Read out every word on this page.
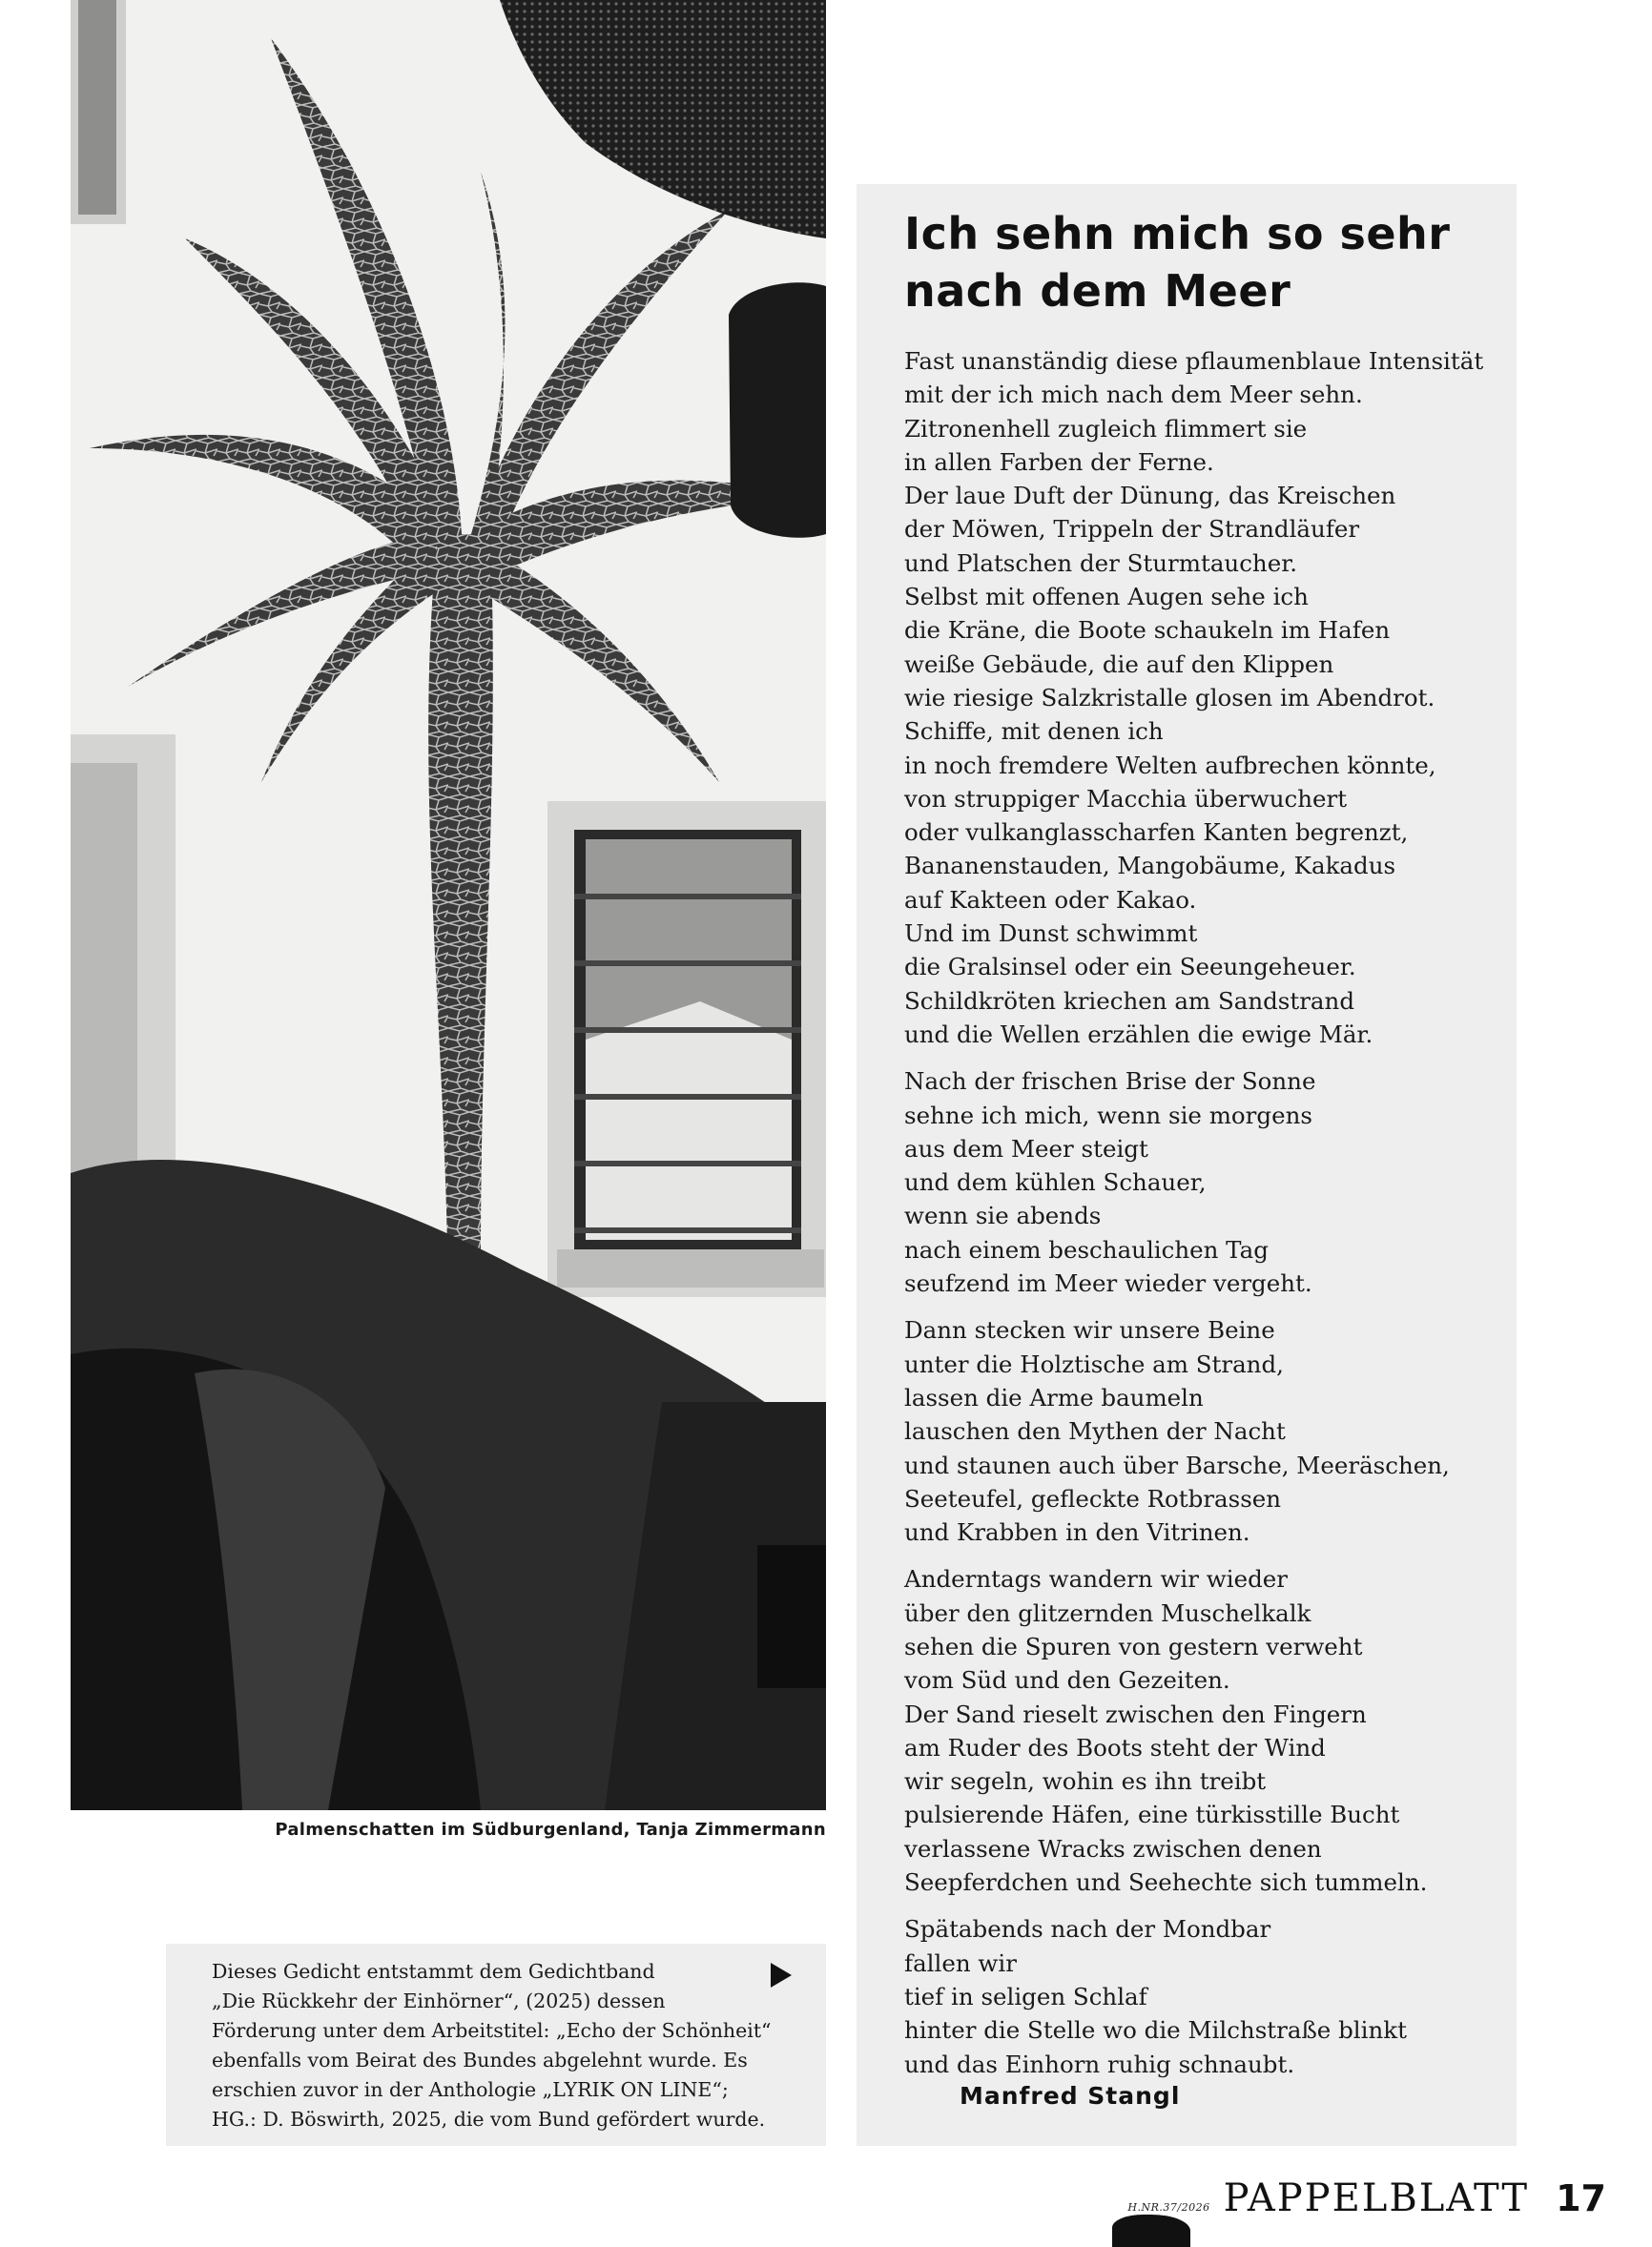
Palmenschatten im Südburgenland, Tanja Zimmermann
Dieses Gedicht entstammt dem Gedichtband
„Die Rückkehr der Einhörner“, (2025) dessen
Förderung unter dem Arbeitstitel: „Echo der Schönheit“
ebenfalls vom Beirat des Bundes abgelehnt wurde. Es
erschien zuvor in der Anthologie „LYRIK ON LINE“;
HG.: D. Böswirth, 2025, die vom Bund gefördert wurde.
Ich sehn mich so sehr
nach dem Meer
Fast unanständig diese pflaumenblaue Intensität
mit der ich mich nach dem Meer sehn.
Zitronenhell zugleich flimmert sie
in allen Farben der Ferne.
Der laue Duft der Dünung, das Kreischen
der Möwen, Trippeln der Strandläufer
und Platschen der Sturmtaucher.
Selbst mit offenen Augen sehe ich
die Kräne, die Boote schaukeln im Hafen
weiße Gebäude, die auf den Klippen
wie riesige Salzkristalle glosen im Abendrot.
Schiffe, mit denen ich
in noch fremdere Welten aufbrechen könnte,
von struppiger Macchia überwuchert
oder vulkanglasscharfen Kanten begrenzt,
Bananenstauden, Mangobäume, Kakadus
auf Kakteen oder Kakao.
Und im Dunst schwimmt
die Gralsinsel oder ein Seeungeheuer.
Schildkröten kriechen am Sandstrand
und die Wellen erzählen die ewige Mär.
Nach der frischen Brise der Sonne
sehne ich mich, wenn sie morgens
aus dem Meer steigt
und dem kühlen Schauer,
wenn sie abends
nach einem beschaulichen Tag
seufzend im Meer wieder vergeht.
Dann stecken wir unsere Beine
unter die Holztische am Strand,
lassen die Arme baumeln
lauschen den Mythen der Nacht
und staunen auch über Barsche, Meeräschen,
Seeteufel, gefleckte Rotbrassen
und Krabben in den Vitrinen.
Anderntags wandern wir wieder
über den glitzernden Muschelkalk
sehen die Spuren von gestern verweht
vom Süd und den Gezeiten.
Der Sand rieselt zwischen den Fingern
am Ruder des Boots steht der Wind
wir segeln, wohin es ihn treibt
pulsierende Häfen, eine türkisstille Bucht
verlassene Wracks zwischen denen
Seepferdchen und Seehechte sich tummeln.
Spätabends nach der Mondbar
fallen wir
tief in seligen Schlaf
hinter die Stelle wo die Milchstraße blinkt
und das Einhorn ruhig schnaubt.
Manfred Stangl
H.NR.37/2026 PAPPELBLATT 17
